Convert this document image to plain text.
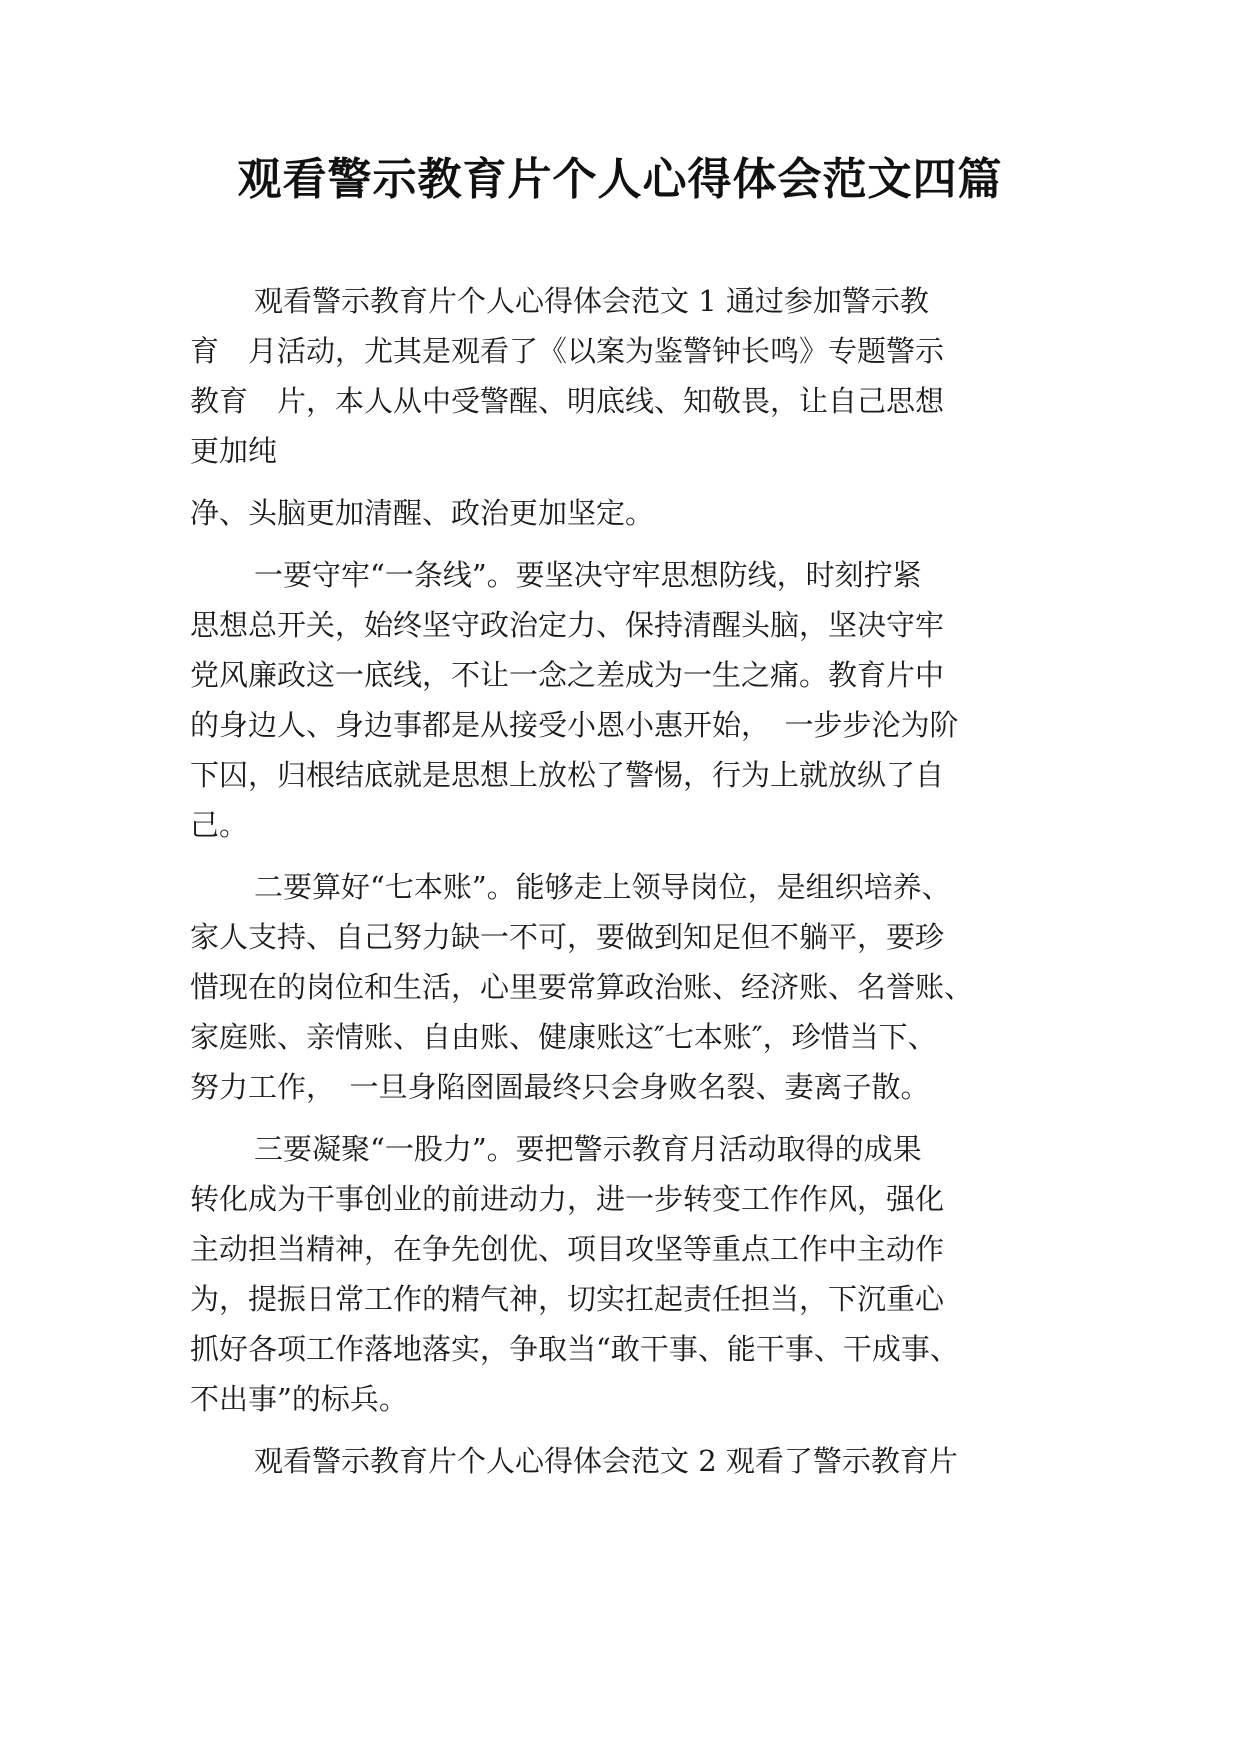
观看警示教育片个人心得体会范文四篇
观看警示教育片个人心得体会范文 1 通过参加警示教
育　月活动，尤其是观看了《以案为鉴警钟长鸣》专题警示
教育　片，本人从中受警醒、明底线、知敬畏，让自己思想
更加纯
净、头脑更加清醒、政治更加坚定。
一要守牢“一条线”。要坚决守牢思想防线，时刻拧紧
思想总开关，始终坚守政治定力、保持清醒头脑，坚决守牢
党风廉政这一底线，不让一念之差成为一生之痛。教育片中
的身边人、身边事都是从接受小恩小惠开始，　一步步沦为阶
下囚，归根结底就是思想上放松了警惕，行为上就放纵了自
己。
二要算好“七本账”。能够走上领导岗位，是组织培养、
家人支持、自己努力缺一不可，要做到知足但不躺平，要珍
惜现在的岗位和生活，心里要常算政治账、经济账、名誉账、
家庭账、亲情账、自由账、健康账这″七本账″，珍惜当下、
努力工作，　一旦身陷囹圄最终只会身败名裂、妻离子散。
三要凝聚“一股力”。要把警示教育月活动取得的成果
转化成为干事创业的前进动力，进一步转变工作作风，强化
主动担当精神，在争先创优、项目攻坚等重点工作中主动作
为，提振日常工作的精气神，切实扛起责任担当，下沉重心
抓好各项工作落地落实，争取当“敢干事、能干事、干成事、
不出事”的标兵。
观看警示教育片个人心得体会范文 2 观看了警示教育片
